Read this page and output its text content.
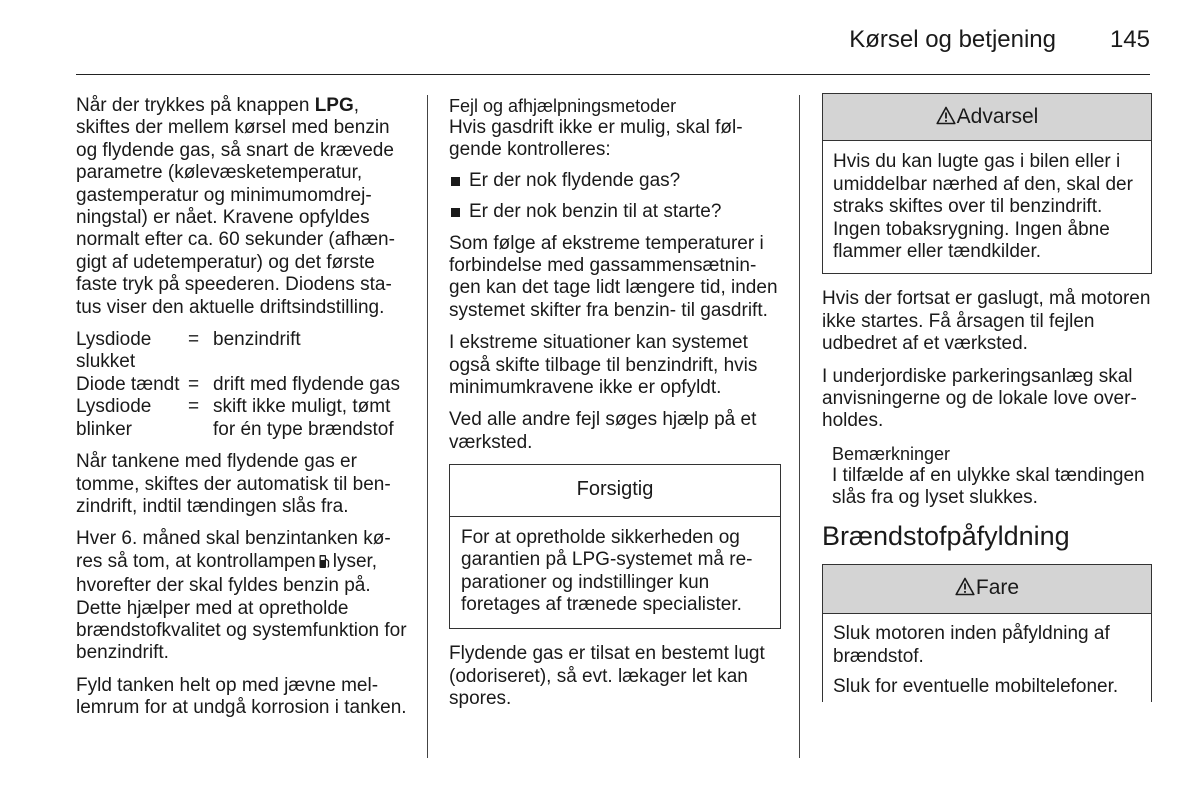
Kørsel og betjening	145

Når der trykkes på knappen LPG, skiftes der mellem kørsel med benzin og flydende gas, så snart de krævede parametre (kølevæsketemperatur, gastemperatur og minimumomdrejningstal) er nået. Kravene opfyldes normalt efter ca. 60 sekunder (afhængigt af udetemperatur) og det første faste tryk på speederen. Diodens status viser den aktuelle driftsindstilling.

Lysdiode slukket	=	benzindrift
Diode tændt	=	drift med flydende gas
Lysdiode blinker	=	skift ikke muligt, tømt for én type brændstof

Når tankene med flydende gas er tomme, skiftes der automatisk til benzindrift, indtil tændingen slås fra.

Hver 6. måned skal benzintanken køres så tom, at kontrollampen lyser, hvorefter der skal fyldes benzin på. Dette hjælper med at opretholde brændstofkvalitet og systemfunktion for benzindrift.

Fyld tanken helt op med jævne mellemrum for at undgå korrosion i tanken.

Fejl og afhjælpningsmetoder

Hvis gasdrift ikke er mulig, skal følgende kontrolleres:

Er der nok flydende gas?
Er der nok benzin til at starte?

Som følge af ekstreme temperaturer i forbindelse med gassammensætningen kan det tage lidt længere tid, inden systemet skifter fra benzin- til gasdrift.

I ekstreme situationer kan systemet også skifte tilbage til benzindrift, hvis minimumkravene ikke er opfyldt.

Ved alle andre fejl søges hjælp på et værksted.

Forsigtig
For at opretholde sikkerheden og garantien på LPG-systemet må reparationer og indstillinger kun foretages af trænede specialister.

Flydende gas er tilsat en bestemt lugt (odoriseret), så evt. lækager let kan spores.

Advarsel
Hvis du kan lugte gas i bilen eller i umiddelbar nærhed af den, skal der straks skiftes over til benzindrift. Ingen tobaksrygning. Ingen åbne flammer eller tændkilder.

Hvis der fortsat er gaslugt, må motoren ikke startes. Få årsagen til fejlen udbedret af et værksted.

I underjordiske parkeringsanlæg skal anvisningerne og de lokale love overholdes.

Bemærkninger
I tilfælde af en ulykke skal tændingen slås fra og lyset slukkes.
Brændstofpåfyldning
Fare

Sluk motoren inden påfyldning af brændstof.

Sluk for eventuelle mobiltelefoner.
